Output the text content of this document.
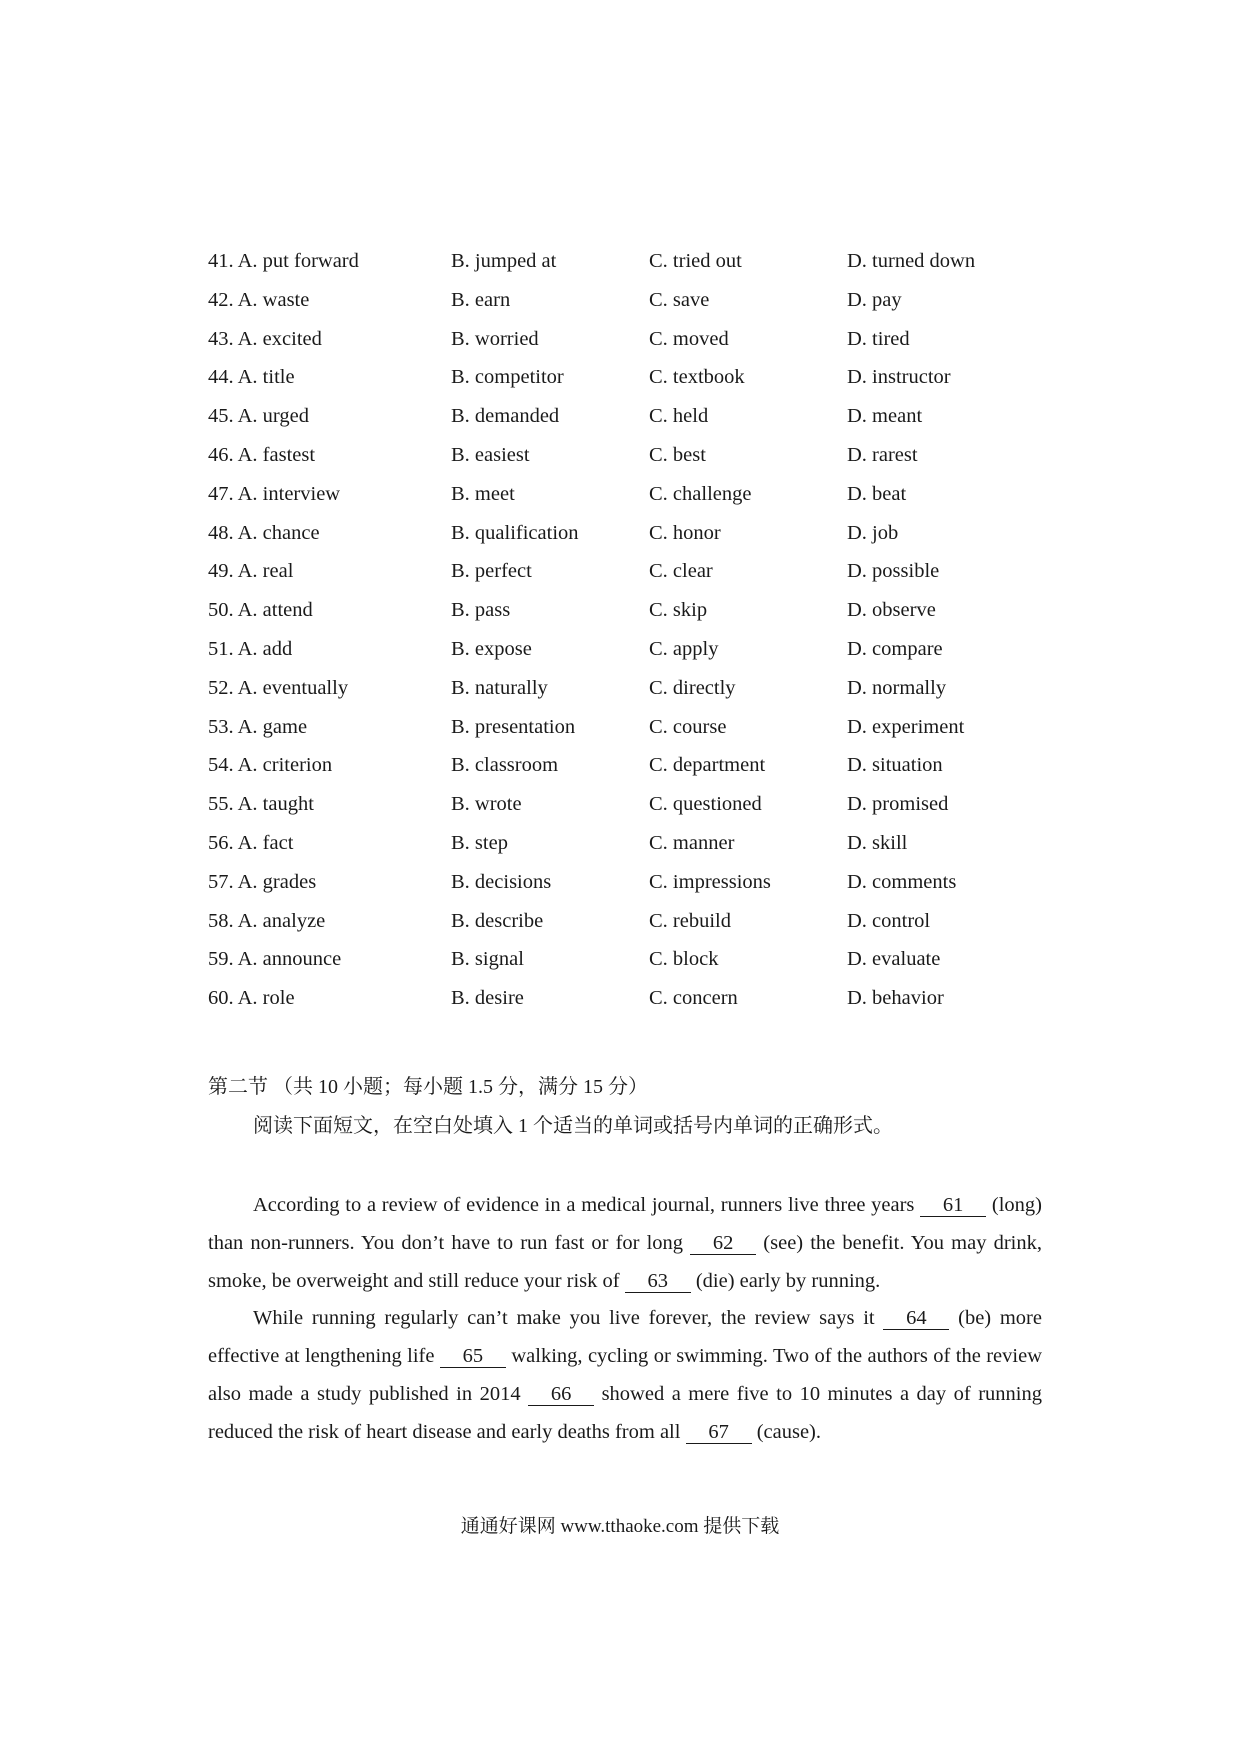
41. A. put forward	B. jumped at	C. tried out	D. turned down
42. A. waste	B. earn	C. save	D. pay
43. A. excited	B. worried	C. moved	D. tired
44. A. title	B. competitor	C. textbook	D. instructor
45. A. urged	B. demanded	C. held	D. meant
46. A. fastest	B. easiest	C. best	D. rarest
47. A. interview	B. meet	C. challenge	D. beat
48. A. chance	B. qualification	C. honor	D. job
49. A. real	B. perfect	C. clear	D. possible
50. A. attend	B. pass	C. skip	D. observe
51. A. add	B. expose	C. apply	D. compare
52. A. eventually	B. naturally	C. directly	D. normally
53. A. game	B. presentation	C. course	D. experiment
54. A. criterion	B. classroom	C. department	D. situation
55. A. taught	B. wrote	C. questioned	D. promised
56. A. fact	B. step	C. manner	D. skill
57. A. grades	B. decisions	C. impressions	D. comments
58. A. analyze	B. describe	C. rebuild	D. control
59. A. announce	B. signal	C. block	D. evaluate
60. A. role	B. desire	C. concern	D. behavior
第二节 （共 10 小题；每小题 1.5 分，满分 15 分）
阅读下面短文，在空白处填入 1 个适当的单词或括号内单词的正确形式。

According to a review of evidence in a medical journal, runners live three years 61 (long) than non-runners. You don’t have to run fast or for long 62 (see) the benefit. You may drink, smoke, be overweight and still reduce your risk of 63 (die) early by running.

While running regularly can’t make you live forever, the review says it 64 (be) more effective at lengthening life 65 walking, cycling or swimming. Two of the authors of the review also made a study published in 2014 66 showed a mere five to 10 minutes a day of running reduced the risk of heart disease and early deaths from all 67 (cause).

通通好课网 www.tthaoke.com 提供下载
